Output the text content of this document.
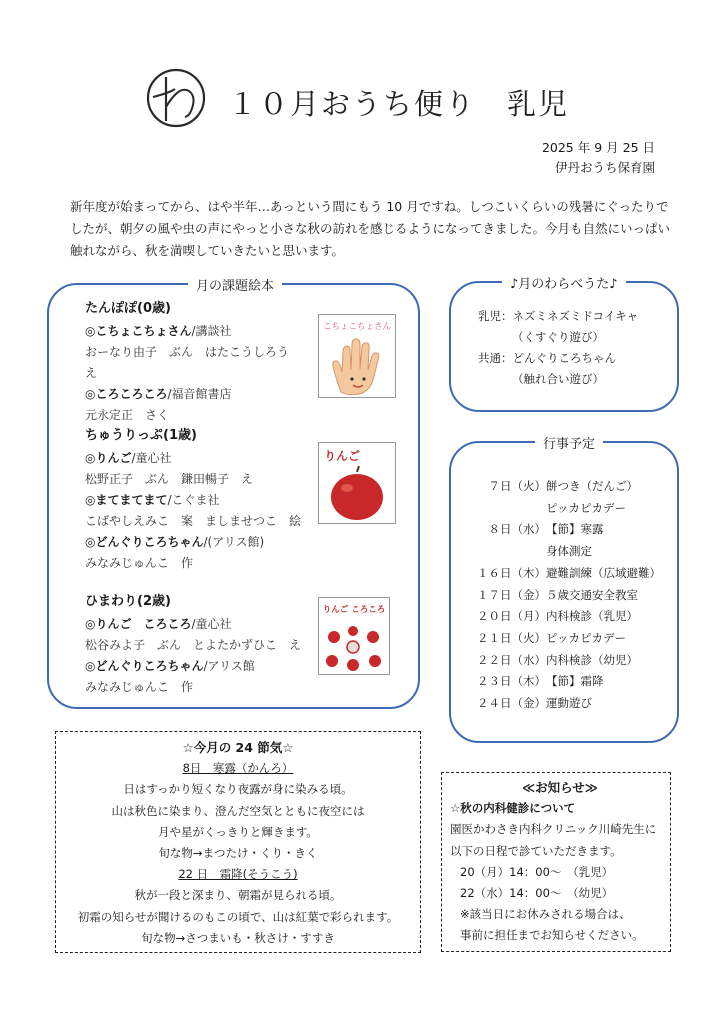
１０月おうち便り　乳児
2025 年 9 月 25 日
伊丹おうち保育園
新年度が始まってから、はや半年…あっという間にもう 10 月ですね。しつこいくらいの残暑にぐったりでしたが、朝夕の風や虫の声にやっと小さな秋の訪れを感じるようになってきました。今月も自然にいっぱい触れながら、秋を満喫していきたいと思います。
月の課題絵本
たんぽぽ(0歳)
◎こちょこちょさん/講談社
おーなり由子　ぶん　はたこうしろう　え
◎ころころころ/福音館書店
元永定正　さく
こちょこちょさん
ちゅうりっぷ(1歳)
◎りんご/童心社
松野正子　ぶん　鎌田暢子　え
◎まてまてまて/こぐま社
こばやしえみこ　案　ましませつこ　絵
◎どんぐりころちゃん/(アリス館)
みなみじゅんこ　作
りんご
ひまわり(2歳)
◎りんご　ころころ/童心社
松谷みよ子　ぶん　とよたかずひこ　え
◎どんぐりころちゃん/アリス館
みなみじゅんこ　作
りんご ころころ
♪月のわらべうた♪
乳児：ネズミネズミドコイキャ
（くすぐり遊び）
共通：どんぐりころちゃん
（触れ合い遊び）
行事予定
７日（火） 餅つき（だんご）
ピッカピカデー
８日（水） 【節】寒露
身体測定
１６日（木） 避難訓練（広域避難）
１７日（金） ５歳交通安全教室
２０日（月） 内科検診（乳児）
２１日（火） ピッカピカデー
２２日（水） 内科検診（幼児）
２３日（木） 【節】霜降
２４日（金） 運動遊び
☆今月の 24 節気☆
8日　寒露（かんろ）
日はすっかり短くなり夜露が身に染みる頃。
山は秋色に染まり、澄んだ空気とともに夜空には
月や星がくっきりと輝きます。
旬な物→まつたけ・くり・きく
22 日　霜降(そうこう)
秋が一段と深まり、朝霜が見られる頃。
初霜の知らせが聞けるのもこの頃で、山は紅葉で彩られます。
旬な物→さつまいも・秋さけ・すすき
≪お知らせ≫
☆秋の内科健診について
園医かわさき内科クリニック川崎先生に
以下の日程で診ていただきます。
20（月）14：00～　（乳児）
22（水）14：00～　（幼児）
※該当日にお休みされる場合は、
事前に担任までお知らせください。
